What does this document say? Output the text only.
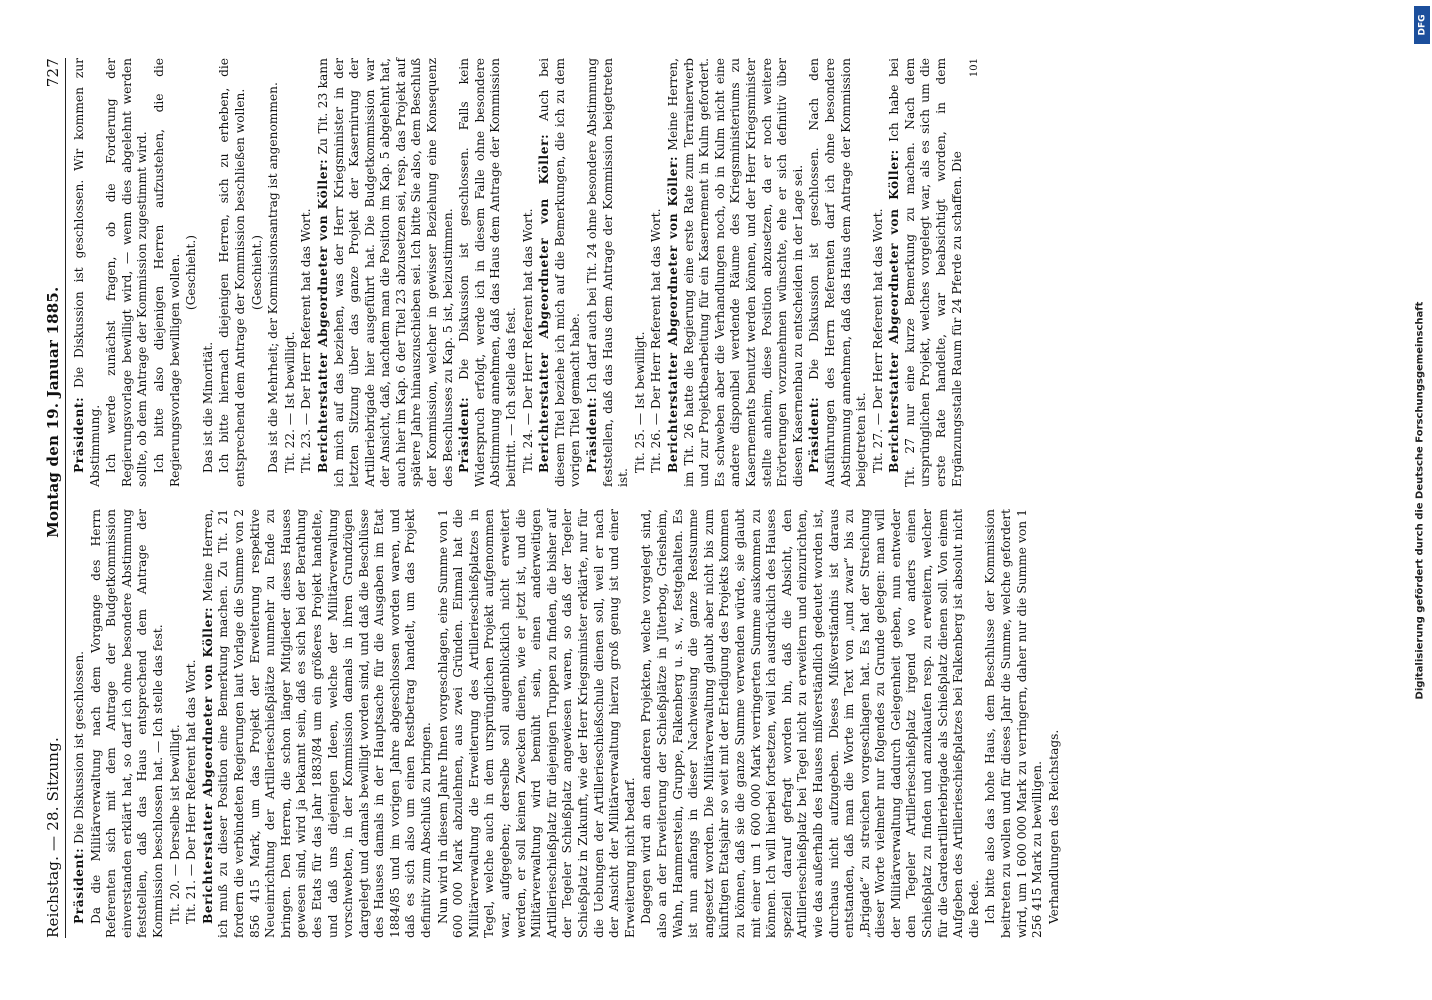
Reichstag. — 28. Sitzung.
Montag den 19. Januar 1885.
727

Präsident: Die Diskussion ist geschlossen. Da die Militärverwaltung nach dem Vorgange des Herrn Referenten sich mit dem Antrage der Budgetkommission einverstanden erklärt hat, so darf ich ohne besondere Abstimmung feststellen, daß das Haus entsprechend dem Antrage der Kommission beschlossen hat. — Ich stelle das fest. Tit. 20. — Derselbe ist bewilligt. Tit. 21. — Der Herr Referent hat das Wort. Berichterstatter Abgeordneter von Köller: Meine Herren, ich muß zu dieser Position eine Bemerkung machen. Zu Tit. 21 fordern die verbündeten Regierungen laut Vorlage die Summe von 2 856 415 Mark, um das Projekt der Erweiterung respektive Neueinrichtung der Artillerieschießplätze nunmehr zu Ende zu bringen. Den Herren, die schon länger Mitglieder dieses Hauses gewesen sind, wird ja bekannt sein, daß es sich bei der Berathung des Etats für das Jahr 1883/84 um ein größeres Projekt handelte, und daß uns diejenigen Ideen, welche der Militärverwaltung vorschwebten, in der Kommission damals in ihren Grundzügen dargelegt und damals bewilligt worden sind, und daß die Beschlüsse des Hauses damals in der Hauptsache für die Ausgaben im Etat 1884/85 und im vorigen Jahre abgeschlossen worden waren, und daß es sich also um einen Restbetrag handelt, um das Projekt definitiv zum Abschluß zu bringen. Nun wird in diesem Jahre Ihnen vorgeschlagen, eine Summe von 1 600 000 Mark abzulehnen, aus zwei Gründen. Einmal hat die Militärverwaltung die Erweiterung des Artillerieschießplatzes in Tegel, welche auch in dem ursprünglichen Projekt aufgenommen war, aufgegeben; derselbe soll augenblicklich nicht erweitert werden, er soll keinen Zwecken dienen, wie er jetzt ist, und die Militärverwaltung wird bemüht sein, einen anderweitigen Artillerieschießplatz für diejenigen Truppen zu finden, die bisher auf der Tegeler Schießplatz angewiesen waren, so daß der Tegeler Schießplatz in Zukunft, wie der Herr Kriegsminister erklärte, nur für die Uebungen der Artillerieschießschule dienen soll, weil er nach der Ansicht der Militärverwaltung hierzu groß genug ist und einer Erweiterung nicht bedarf. Dagegen wird an den anderen Projekten, welche vorgelegt sind, also an der Erweiterung der Schießplätze in Jüterbog, Griesheim, Wahn, Hammerstein, Gruppe, Falkenberg u. s. w., festgehalten. Es ist nun anfangs in dieser Nachweisung die ganze Restsumme angesetzt worden. Die Militärverwaltung glaubt aber nicht bis zum künftigen Etatsjahr so weit mit der Erledigung des Projekts kommen zu können, daß sie die ganze Summe verwenden würde, sie glaubt mit einer um 1 600 000 Mark verringerten Summe auskommen zu können. Ich will hierbei fortsetzen, weil ich ausdrücklich des Hauses speziell darauf gefragt worden bin, daß die Absicht, den Artillerieschießplatz bei Tegel nicht zu erweitern und einzurichten, wie das außerhalb des Hauses mißverständlich gedeutet worden ist, durchaus nicht aufzugeben. Dieses Mißverständnis ist daraus entstanden, daß man die Worte im Text von „und zwar“ bis zu „Brigade“ zu streichen vorgeschlagen hat. Es hat der Streichung dieser Worte vielmehr nur folgendes zu Grunde gelegen: man will der Militärverwaltung dadurch Gelegenheit geben, nun entweder den Tegeler Artillerieschießplatz irgend wo anders einen Schießplatz zu finden und anzukaufen resp. zu erweitern, welcher für die Gardeartilleriebrigade als Schießplatz dienen soll. Von einem Aufgeben des Artillerieschießplatzes bei Falkenberg ist absolut nicht die Rede. Ich bitte also das hohe Haus, dem Beschlusse der Kommission beitreten zu wollen und für dieses Jahr die Summe, welche gefordert wird, um 1 600 000 Mark zu verringern, daher nur die Summe von 1 256 415 Mark zu bewilligen. Verhandlungen des Reichstags.

Präsident: Die Diskussion ist geschlossen. Wir kommen zur Abstimmung. Ich werde zunächst fragen, ob die Forderung der Regierungsvorlage bewilligt wird, — wenn dies abgelehnt werden sollte, ob dem Antrage der Kommission zugestimmt wird. Ich bitte also diejenigen Herren aufzustehen, die die Regierungsvorlage bewilligen wollen. (Geschieht.)

Das ist die Minorität. Ich bitte hiernach diejenigen Herren, sich zu erheben, die entsprechend dem Antrage der Kommission beschließen wollen. (Geschieht.) Das ist die Mehrheit; der Kommissionsantrag ist angenommen. Tit. 22. — Ist bewilligt. Tit. 23. — Der Herr Referent hat das Wort. Berichterstatter Abgeordneter von Köller: Zu Tit. 23 kann ich mich auf das beziehen, was der Herr Kriegsminister in der letzten Sitzung über das ganze Projekt der Kasernirung der Artilleriebrigade hier ausgeführt hat. Die Budgetkommission war der Ansicht, daß, nachdem man die Position im Kap. 5 abgelehnt hat, auch hier im Kap. 6 der Titel 23 abzusetzen sei, resp. das Projekt auf spätere Jahre hinauszuschieben sei. Ich bitte Sie also, dem Beschluß der Kommission, welcher in gewisser Beziehung eine Konsequenz des Beschlusses zu Kap. 5 ist, beizustimmen. Präsident: Die Diskussion ist geschlossen. Falls kein Widerspruch erfolgt, werde ich in diesem Falle ohne besondere Abstimmung annehmen, daß das Haus dem Antrage der Kommission beitritt. — Ich stelle das fest. Tit. 24. — Der Herr Referent hat das Wort. Berichterstatter Abgeordneter von Köller: Auch bei diesem Titel beziehe ich mich auf die Bemerkungen, die ich zu dem vorigen Titel gemacht habe. Präsident: Ich darf auch bei Tit. 24 ohne besondere Abstimmung feststellen, daß das Haus dem Antrage der Kommission beigetreten ist.

Tit. 25. — Ist bewilligt. Tit. 26. — Der Herr Referent hat das Wort. Berichterstatter Abgeordneter von Köller: Meine Herren, im Tit. 26 hatte die Regierung eine erste Rate zum Terrainerwerb und zur Projektbearbeitung für ein Kasernement in Kulm gefordert. Es schweben aber die Verhandlungen noch, ob in Kulm nicht eine andere disponibel werdende Räume des Kriegsministeriums zu Kasernements benutzt werden können, und der Herr Kriegsminister stellte anheim, diese Position abzusetzen, da er noch weitere Erörterungen vorzunehmen wünschte, ehe er sich definitiv über diesen Kasernenbau zu entscheiden in der Lage sei. Präsident: Die Diskussion ist geschlossen. Nach den Ausführungen des Herrn Referenten darf ich ohne besondere Abstimmung annehmen, daß das Haus dem Antrage der Kommission beigetreten ist. Tit. 27. — Der Herr Referent hat das Wort. Berichterstatter Abgeordneter von Köller: Ich habe bei Tit. 27 nur eine kurze Bemerkung zu machen. Nach dem ursprünglichen Projekt, welches vorgelegt war, als es sich um die erste Rate handelte, war beabsichtigt worden, in dem Ergänzungsstalle Raum für 24 Pferde zu schaffen. Die

101
DFG
Digitalisierung gefördert durch die Deutsche Forschungsgemeinschaft
